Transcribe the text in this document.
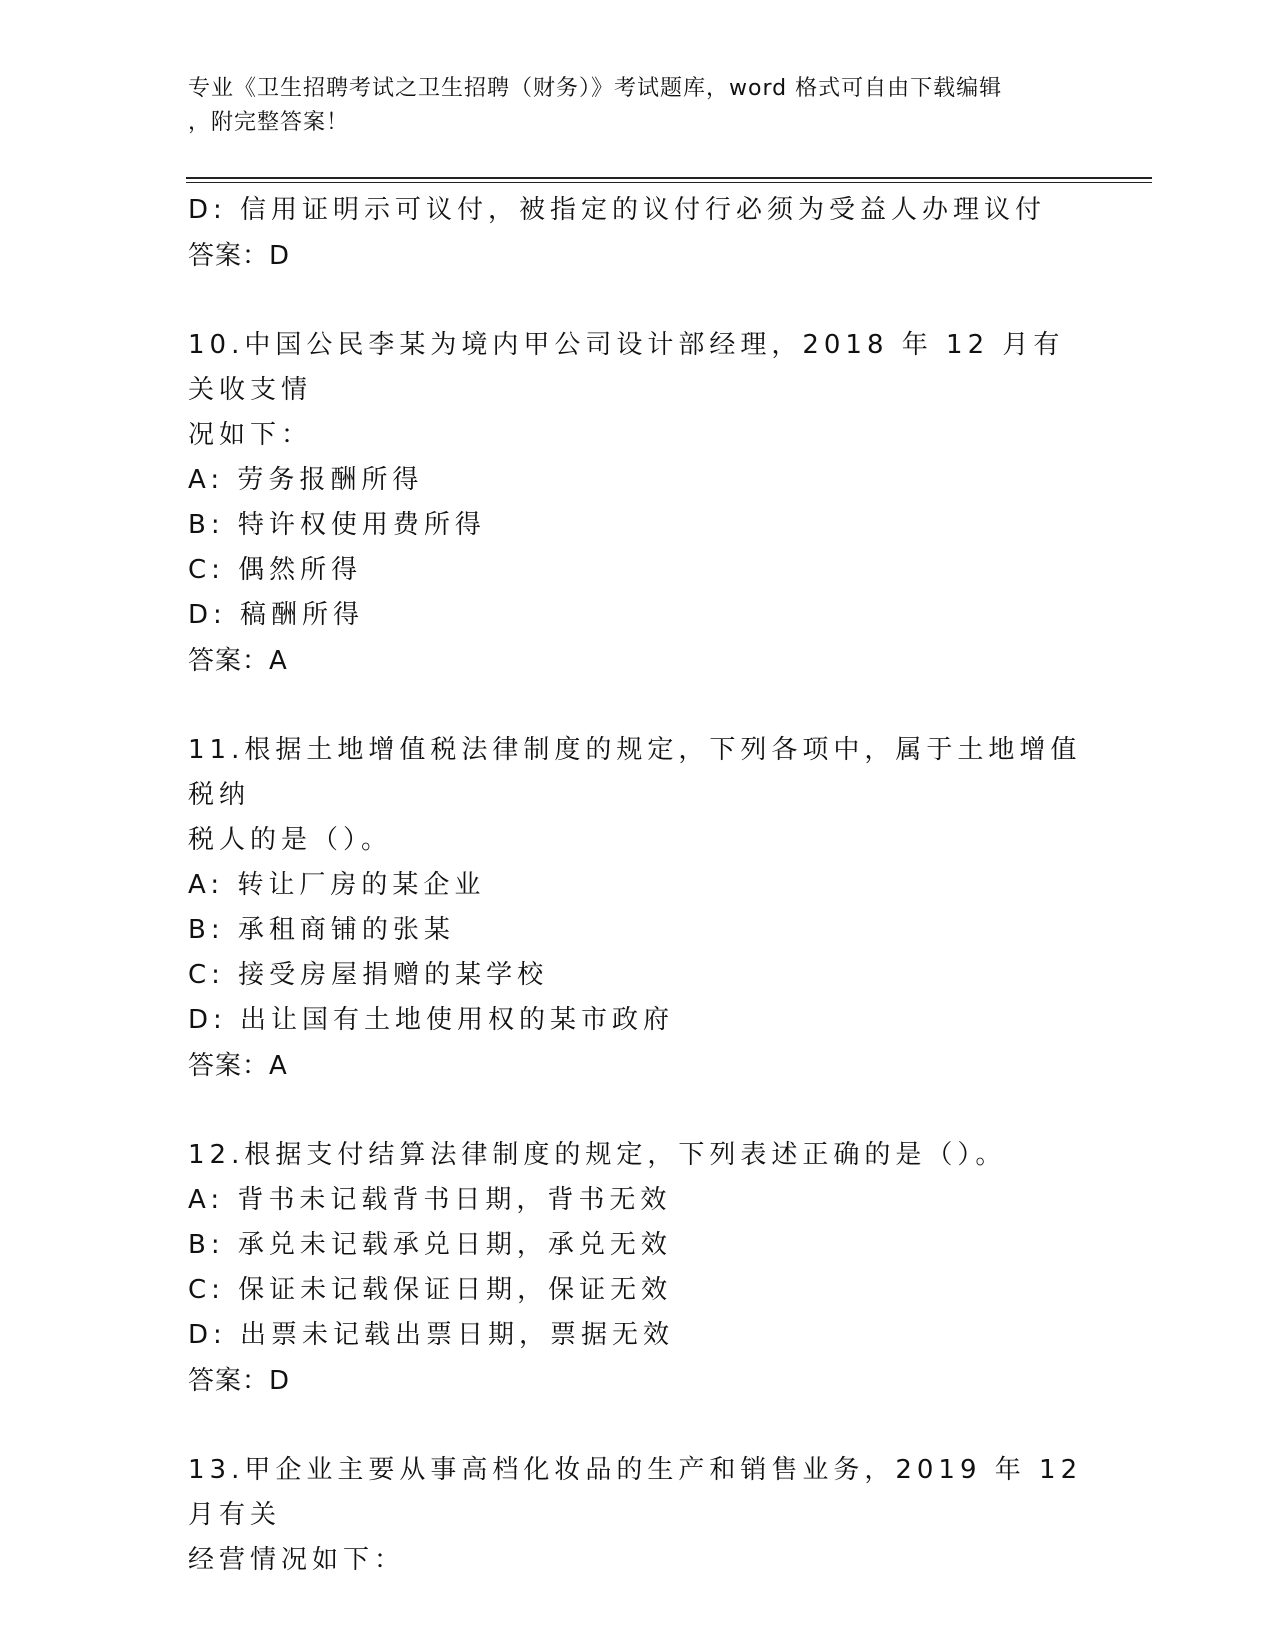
专业《卫生招聘考试之卫生招聘（财务）》考试题库，word 格式可自由下载编辑
，附完整答案！
D: 信用证明示可议付，被指定的议付行必须为受益人办理议付
答案：D
10.中国公民李某为境内甲公司设计部经理，2018 年 12 月有关收支情
况如下：
A: 劳务报酬所得
B: 特许权使用费所得
C: 偶然所得
D: 稿酬所得
答案：A
11.根据土地增值税法律制度的规定，下列各项中，属于土地增值税纳
税人的是（）。
A: 转让厂房的某企业
B: 承租商铺的张某
C: 接受房屋捐赠的某学校
D: 出让国有土地使用权的某市政府
答案：A
12.根据支付结算法律制度的规定，下列表述正确的是（）。
A: 背书未记载背书日期，背书无效
B: 承兑未记载承兑日期，承兑无效
C: 保证未记载保证日期，保证无效
D: 出票未记载出票日期，票据无效
答案：D
13.甲企业主要从事高档化妆品的生产和销售业务，2019 年 12 月有关
经营情况如下：
